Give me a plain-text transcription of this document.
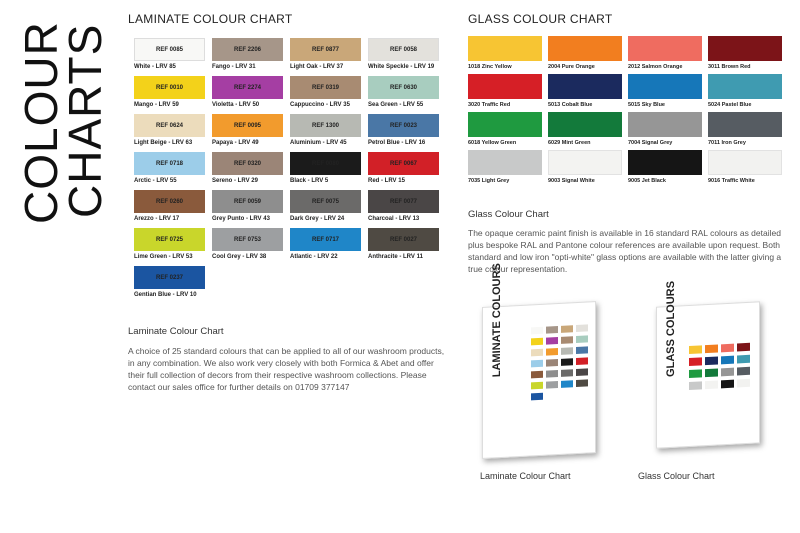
COLOUR
CHARTS
LAMINATE COLOUR CHART
REF 0085
White - LRV 85
REF 2206
Fango - LRV 31
REF 0877
Light Oak - LRV 37
REF 0058
White Speckle - LRV 19
REF 0010
Mango - LRV 59
REF 2274
Violetta - LRV 50
REF 0319
Cappuccino - LRV 35
REF 0630
Sea Green - LRV 55
REF 0624
Light Beige - LRV 63
REF 0095
Papaya - LRV 49
REF 1300
Aluminium - LRV 45
REF 0023
Petrol Blue - LRV 16
REF 0718
Arctic - LRV 55
REF 0320
Sereno - LRV 29
REF 0080
Black - LRV 5
REF 0067
Red - LRV 15
REF 0260
Arezzo - LRV 17
REF 0059
Grey Punto - LRV 43
REF 0075
Dark Grey - LRV 24
REF 0077
Charcoal - LRV 13
REF 0725
Lime Green - LRV 53
REF 0753
Cool Grey - LRV 38
REF 0717
Atlantic - LRV 22
REF 0027
Anthracite - LRV 11
REF 0237
Gentian Blue - LRV 10

Laminate Colour Chart

A choice of 25 standard colours that can be applied to all of our washroom products, in any combination. We also work very closely with both Formica & Abet and offer their full collection of decors from their respective washroom collections. Please contact our sales office for further details on 01709 377147

GLASS COLOUR CHART
1018 Zinc Yellow	2004 Pure Orange	2012 Salmon Orange	3011 Brown Red
3020 Traffic Red	5013 Cobalt Blue	5015 Sky Blue	5024 Pastel Blue
6018 Yellow Green	6029 Mint Green	7004 Signal Grey	7011 Iron Grey
7035 Light Grey	9003 Signal White	9005 Jet Black	9016 Traffic White

Glass Colour Chart

The opaque ceramic paint finish is available in 16 standard RAL colours as detailed plus bespoke RAL and Pantone colour references are available upon request. Both standard and low iron "opti-white" glass options are available with the latter giving a true colour representation.

LAMINATE COLOURS
Laminate Colour Chart
GLASS COLOURS
Glass Colour Chart
